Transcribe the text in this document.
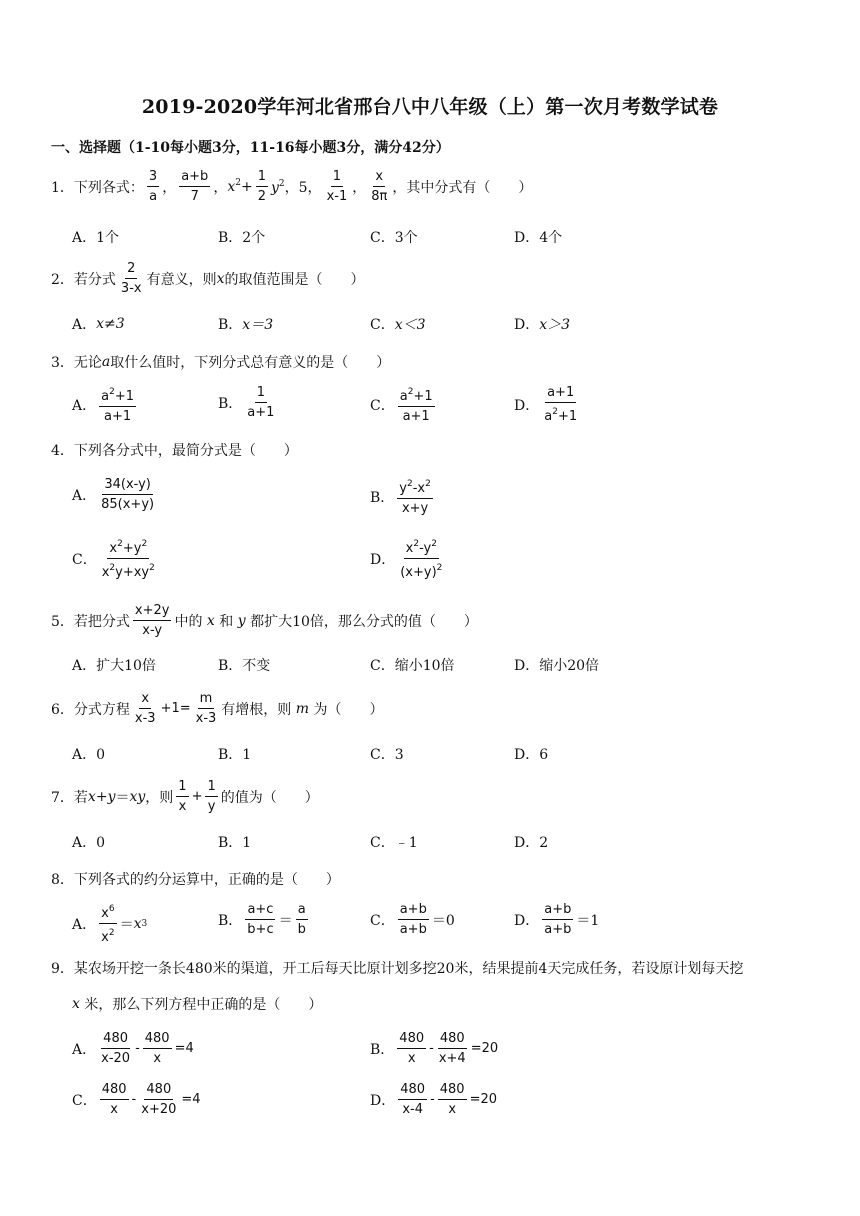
2019-2020学年河北省邢台八中八年级（上）第一次月考数学试卷
一、选择题（1-10每小题3分，11-16每小题3分，满分42分）
1． 下列各式： $\frac{3}{a}$ ， $\frac{a+b}{7}$ ， $x^2+ \frac{1}{2} y^2$，5， $\frac{1}{x-1}$ ， $\frac{x}{8\pi}$ ，其中分式有（　　）
A．1个	B．2个	C．3个	D．4个
2． 若分式 $\frac{2}{3-x}$ 有意义，则 x 的取值范围是（　　）
A． x≠3	B． x＝3	C． x＜3	D． x＞3
3． 无论 a 取什么值时，下列分式总有意义的是（　　）
A． $\frac{a^2+1}{a+1}$	B． $\frac{1}{a+1}$	C． $\frac{a^2+1}{a+1}$	D． $\frac{a+1}{a^2+1}$
4． 下列各分式中，最简分式是（　　）
A． $\frac{34(x-y)}{85(x+y)}$	B． $\frac{y^2-x^2}{x+y}$
C． $\frac{x^2+y^2}{x^2y+xy^2}$	D． $\frac{x^2-y^2}{(x+y)^2}$
5． 若把分式 $\frac{x+2y}{x-y}$ 中的 x 和 y 都扩大10倍，那么分式的值（　　）
A．扩大10倍	B．不变	C．缩小10倍	D．缩小20倍
6． 分式方程 $\frac{x}{x-3} +1= \frac{m}{x-3}$ 有增根，则 m 为（　　）
A．0	B．1	C．3	D．6
7． 若 x + y ＝ xy ，则 $\frac{1}{x} + \frac{1}{y}$ 的值为（　　）
A．0	B．1	C．﹣1	D．2
8． 下列各式的约分运算中，正确的是（　　）
A． $\frac{x^6}{x^2} = x$ 3	B． $\frac{a+c}{b+c} = \frac{a}{b}$	C． $\frac{a+b}{a+b} =0$	D． $\frac{a+b}{a+b} =1$
9． 某农场开挖一条长480米的渠道，开工后每天比原计划多挖20米，结果提前4天完成任务，若设原计划每天挖
x
米，那么下列方程中正确的是（　　）
A． $\frac{480}{x-20} - \frac{480}{x} =4$	B． $\frac{480}{x} - \frac{480}{x+4} =20$
C． $\frac{480}{x} - \frac{480}{x+20} =4$	D． $\frac{480}{x-4} - \frac{480}{x} =20$
